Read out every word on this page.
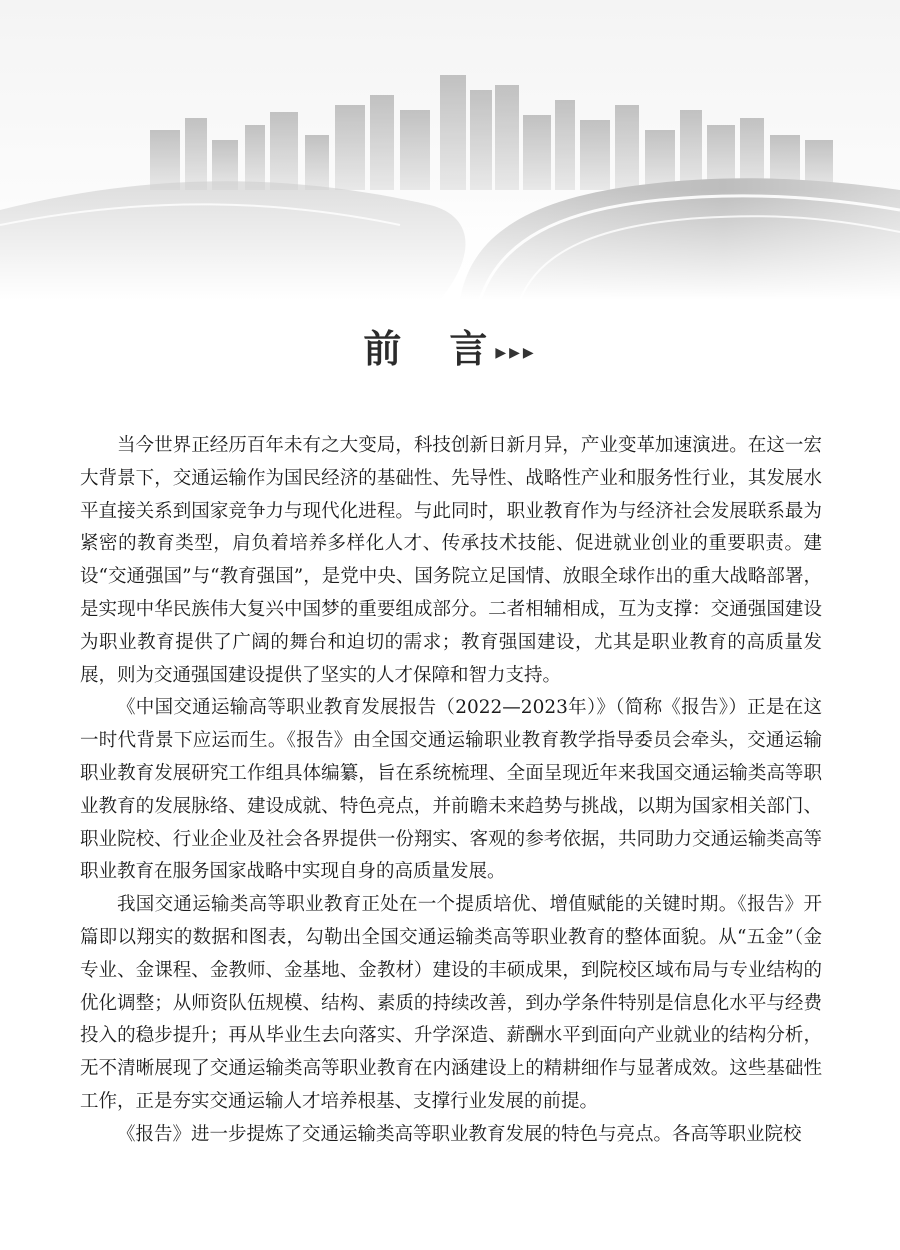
前 言 ▶▶▶

当今世界正经历百年未有之大变局，科技创新日新月异，产业变革加速演进。在这一宏大背景下，交通运输作为国民经济的基础性、先导性、战略性产业和服务性行业，其发展水平直接关系到国家竞争力与现代化进程。与此同时，职业教育作为与经济社会发展联系最为紧密的教育类型，肩负着培养多样化人才、传承技术技能、促进就业创业的重要职责。建设“交通强国”与“教育强国”，是党中央、国务院立足国情、放眼全球作出的重大战略部署，是实现中华民族伟大复兴中国梦的重要组成部分。二者相辅相成，互为支撑：交通强国建设为职业教育提供了广阔的舞台和迫切的需求；教育强国建设，尤其是职业教育的高质量发展，则为交通强国建设提供了坚实的人才保障和智力支持。

《中国交通运输高等职业教育发展报告（2022—2023年）》（简称《报告》）正是在这一时代背景下应运而生。《报告》由全国交通运输职业教育教学指导委员会牵头，交通运输职业教育发展研究工作组具体编纂，旨在系统梳理、全面呈现近年来我国交通运输类高等职业教育的发展脉络、建设成就、特色亮点，并前瞻未来趋势与挑战，以期为国家相关部门、职业院校、行业企业及社会各界提供一份翔实、客观的参考依据，共同助力交通运输类高等职业教育在服务国家战略中实现自身的高质量发展。

我国交通运输类高等职业教育正处在一个提质培优、增值赋能的关键时期。《报告》开篇即以翔实的数据和图表，勾勒出全国交通运输类高等职业教育的整体面貌。从“五金”（金专业、金课程、金教师、金基地、金教材）建设的丰硕成果，到院校区域布局与专业结构的优化调整；从师资队伍规模、结构、素质的持续改善，到办学条件特别是信息化水平与经费投入的稳步提升；再从毕业生去向落实、升学深造、薪酬水平到面向产业就业的结构分析，无不清晰展现了交通运输类高等职业教育在内涵建设上的精耕细作与显著成效。这些基础性工作，正是夯实交通运输人才培养根基、支撑行业发展的前提。

《报告》进一步提炼了交通运输类高等职业教育发展的特色与亮点。各高等职业院校
